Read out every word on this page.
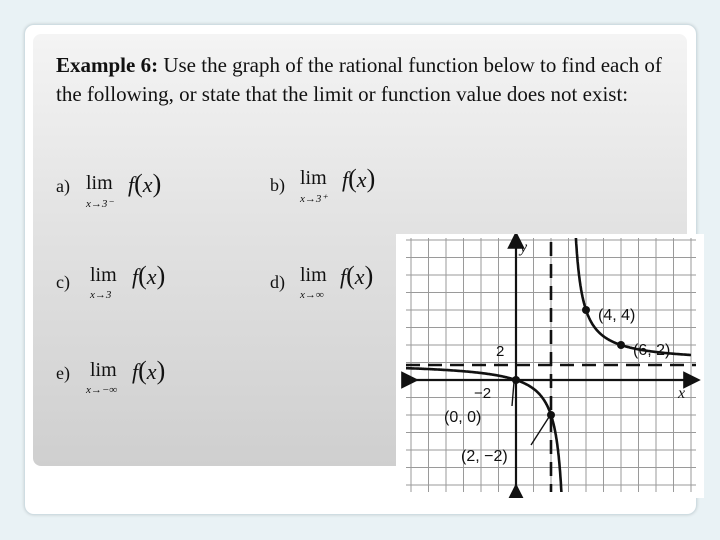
Example 6: Use the graph of the rational function below to find each of the following, or state that the limit or function value does not exist:

a) lim
x→3⁻
f(x)	b) lim
x→3⁺
f(x)
c) lim
x→3
f(x)	d) lim
x→∞
f(x)
e) lim
x→−∞
f(x)
2
−2	x
y
(4, 4)
(6, 2)
(0, 0)
(2, −2)
